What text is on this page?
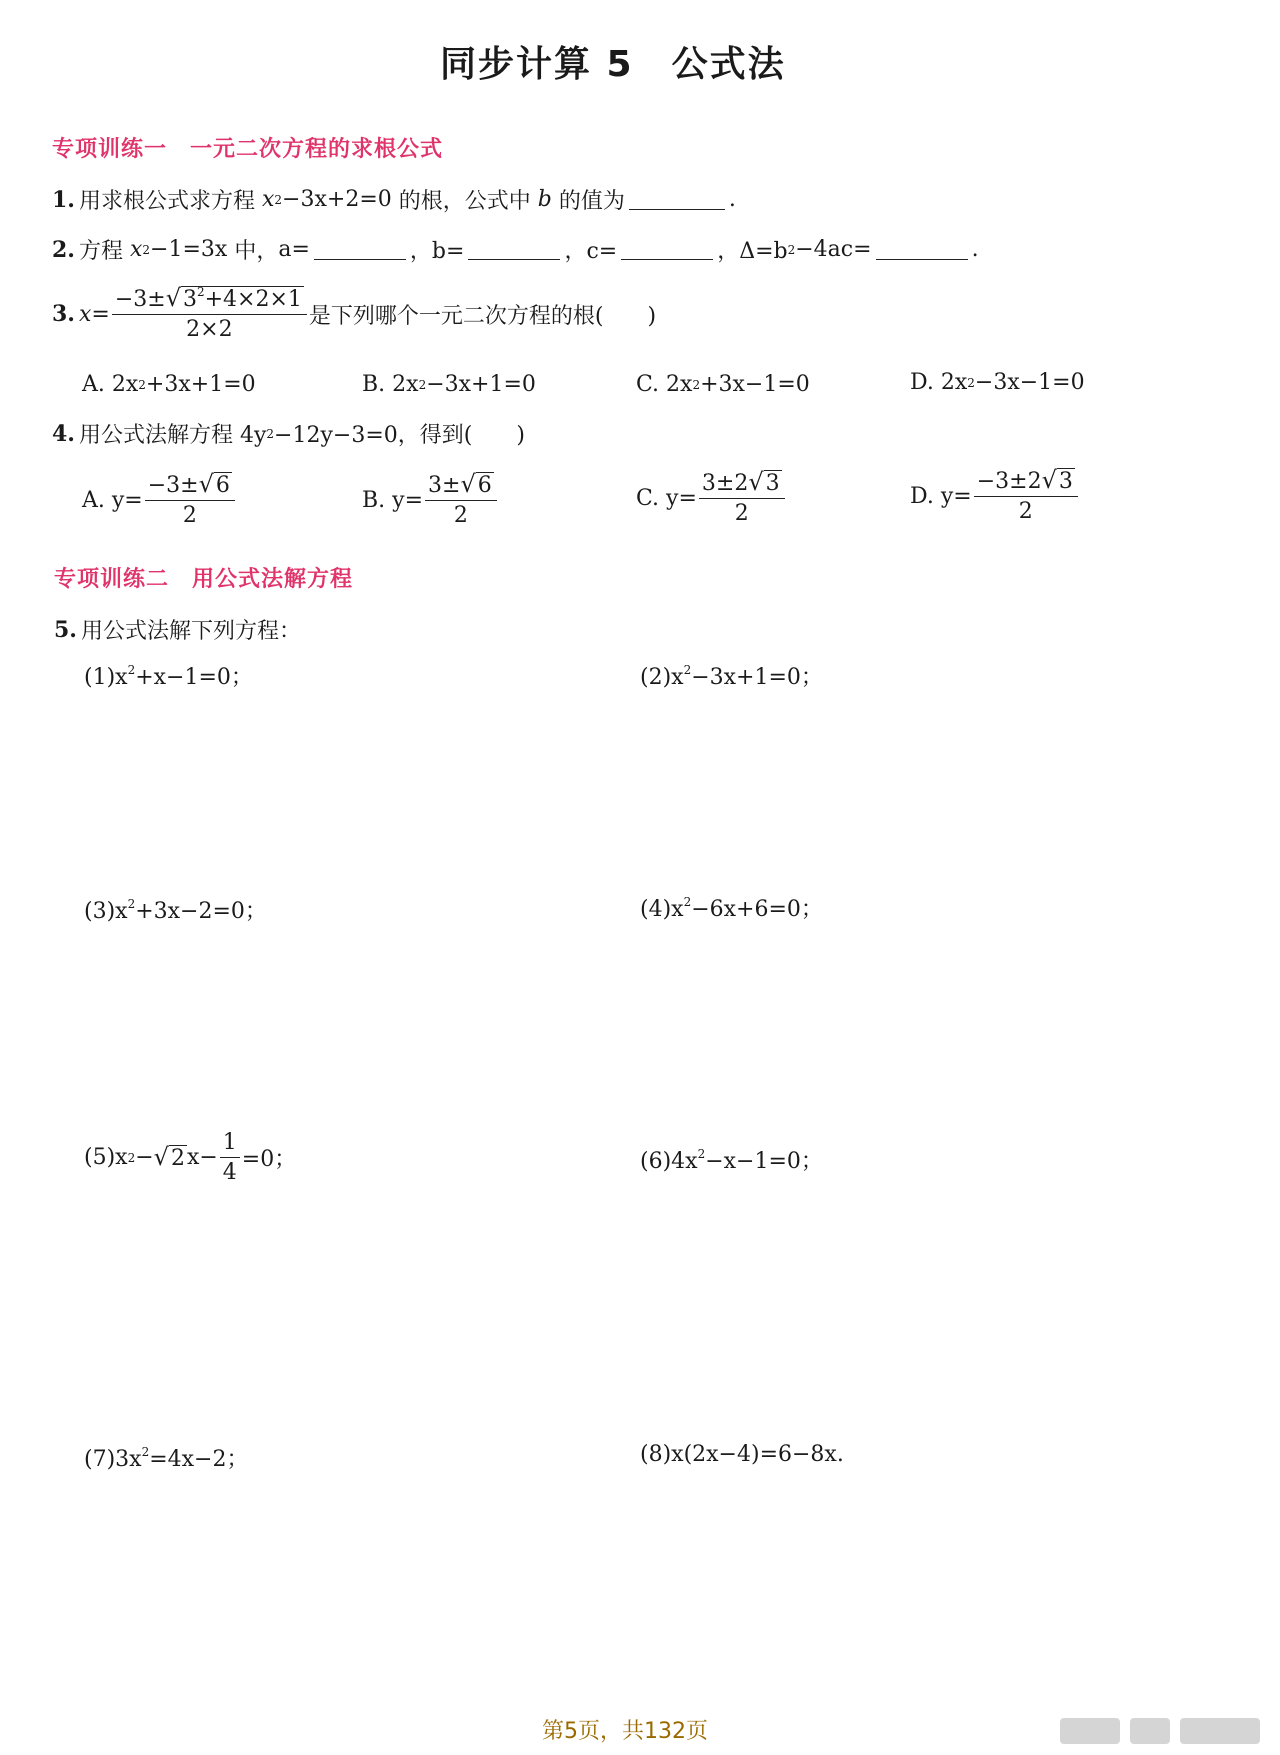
同步计算 5　公式法
专项训练一　一元二次方程的求根公式
1. 用求根公式求方程
x 2 −3x+2=0
的根，公式中
b
的值为	.
2. 方程
x 2 −1=3x
中， a=	，b=	，c=	，Δ=b 2 −4ac=	.
3. $x= \frac{-3\pm √ 3^2+4\times 2\times 1}{2\times 2}$ 是下列哪个一元二次方程的根(　　)
A. 2x 2 +3x+1=0	B. 2x 2 −3x+1=0	C. 2x 2 +3x−1=0	D. 2x 2 −3x−1=0
4. 用公式法解方程 4y 2 −12y−3=0，得到(　　)
A. $y= \frac{-3\pm √ 6}{2}$	B. $y= \frac{3\pm √ 6}{2}$	C. $y= \frac{3\pm 2 √ 3}{2}$	D. $y= \frac{-3\pm 2 √ 3}{2}$
专项训练二　用公式法解方程
5. 用公式法解下列方程：
$(1)x^2+x-1=0$；	$(2)x^2-3x+1=0$；
$(3)x^2+3x-2=0$；	$(4)x^2-6x+6=0$；
(5)x 2 − √ 2 $x- \frac{1}{4} =0$；	$(6)4x^2-x-1=0$；
$(7)3x^2=4x-2$；	(8)x(2x−4)=6−8x.
第5页，共132页
